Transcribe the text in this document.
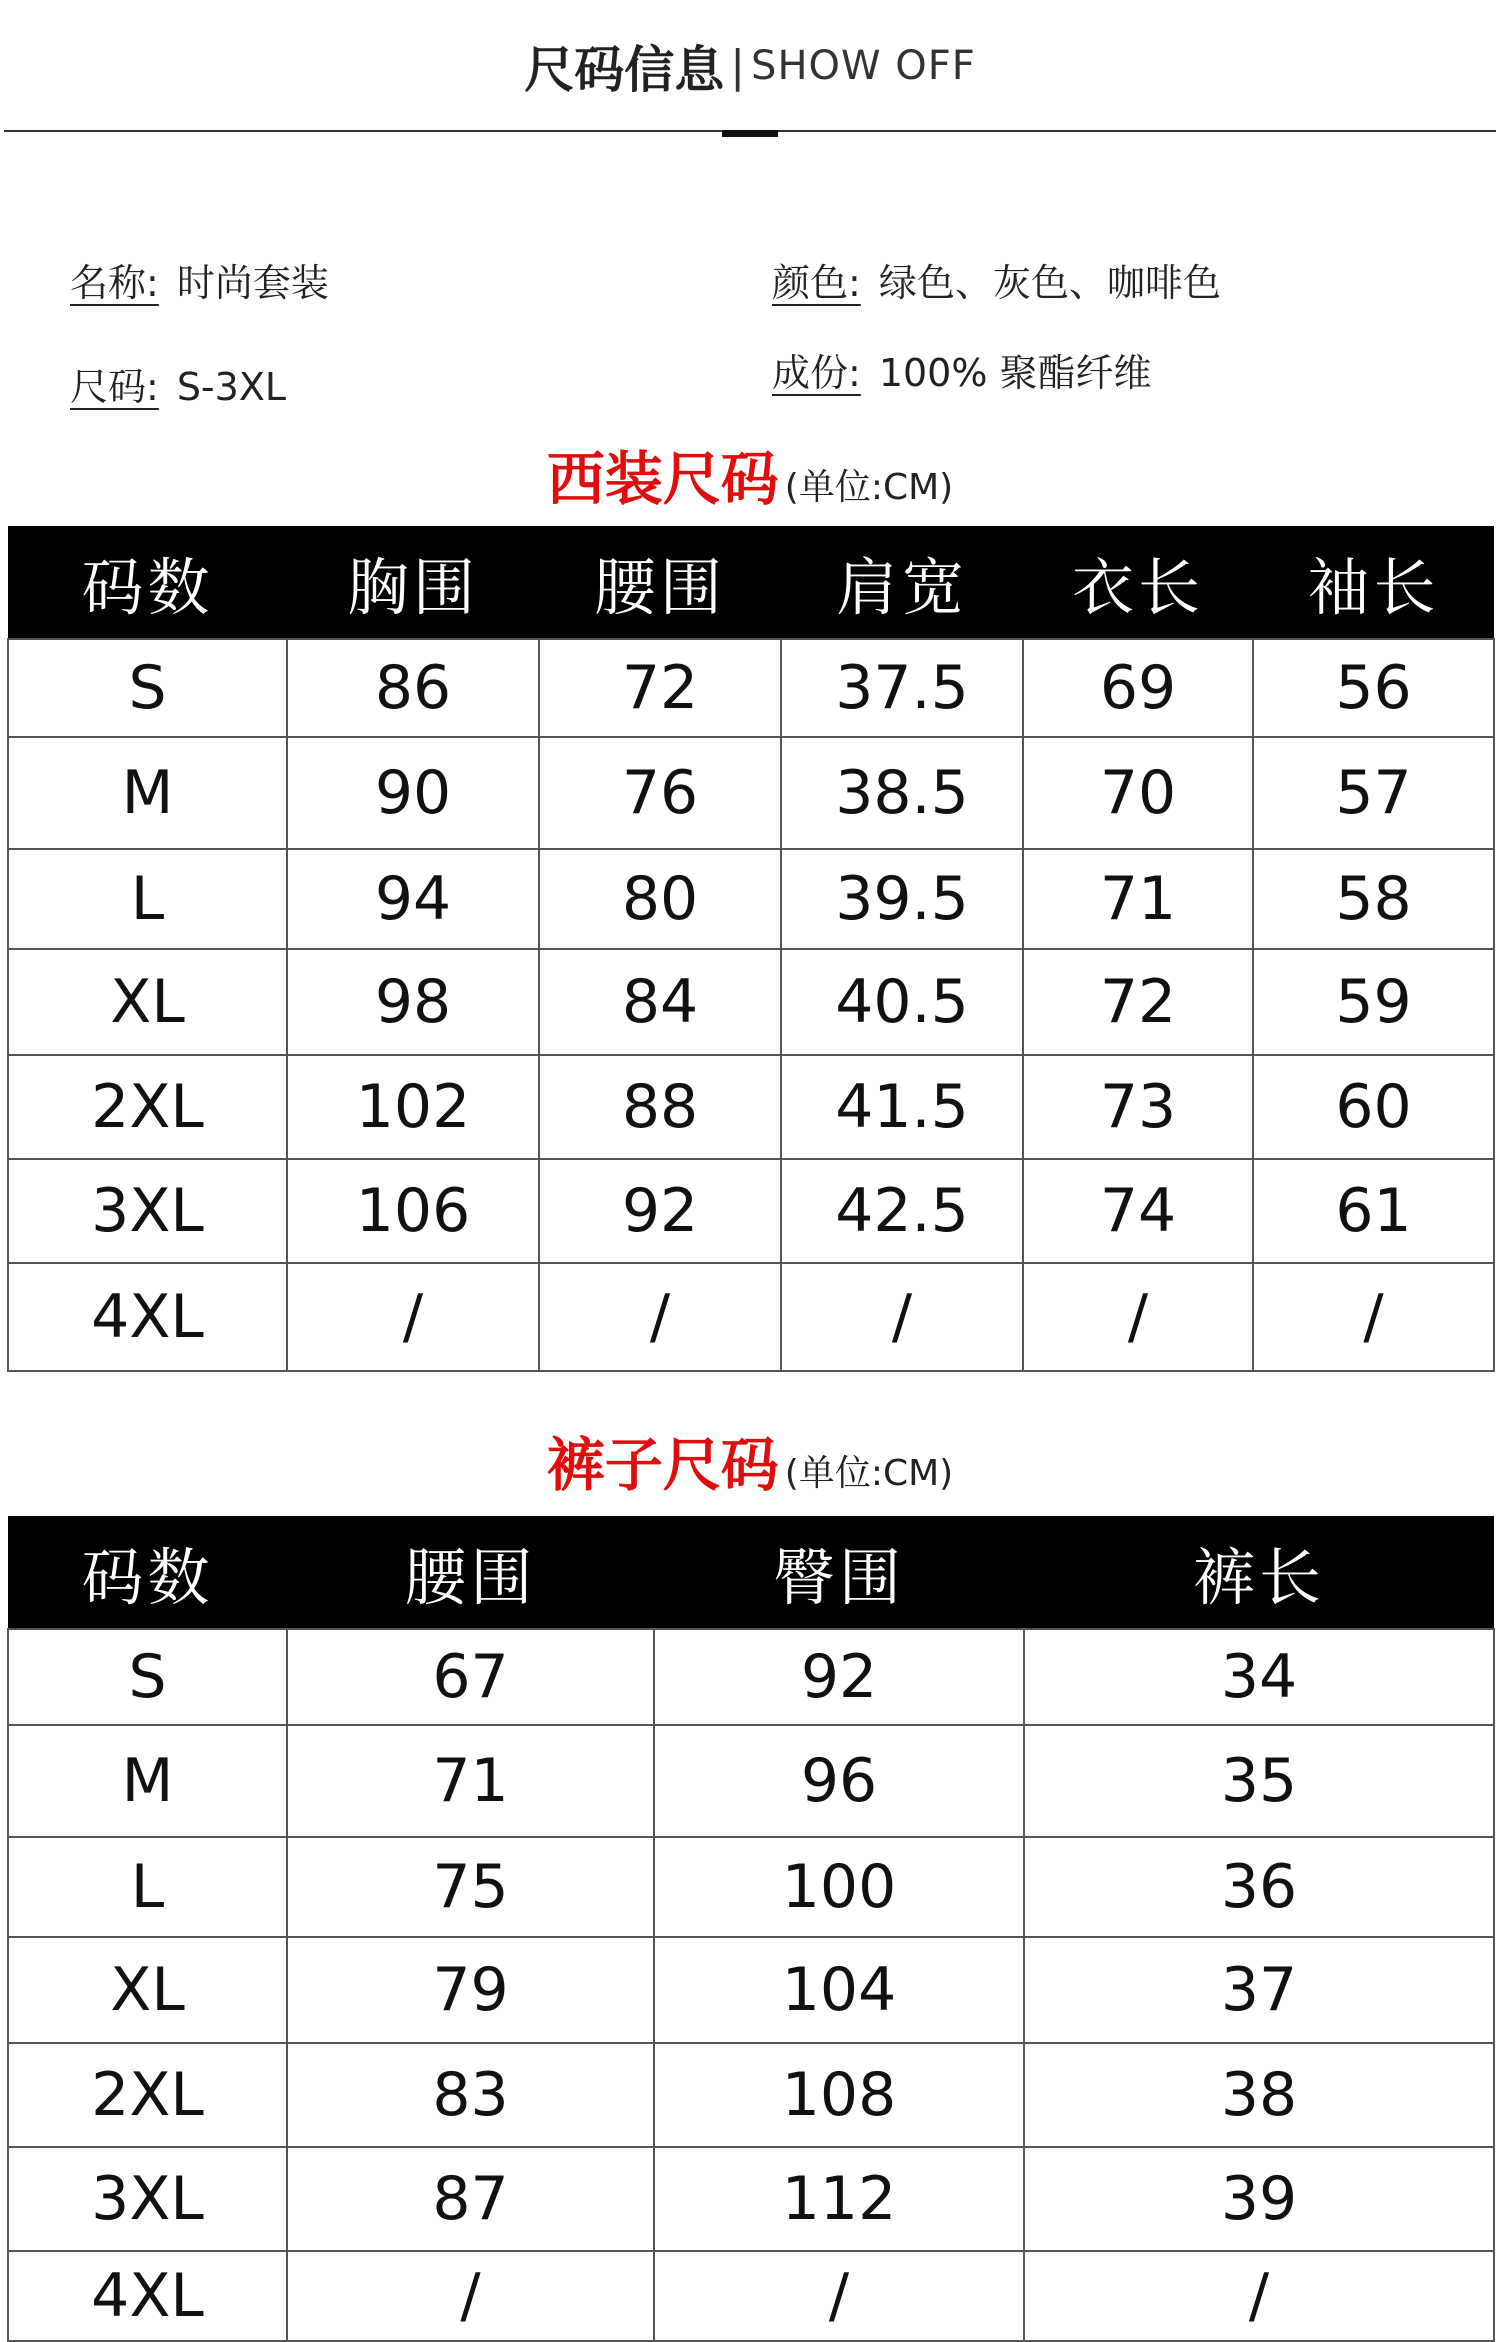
尺码信息 | SHOW OFF
名称: 时尚套装	颜色: 绿色、灰色、咖啡色
尺码: S-3XL	成份: 100% 聚酯纤维
西装尺码 (单位:CM)
码数	胸围	腰围	肩宽	衣长	袖长
S	86	72	37.5	69	56
M	90	76	38.5	70	57
L	94	80	39.5	71	58
XL	98	84	40.5	72	59
2XL	102	88	41.5	73	60
3XL	106	92	42.5	74	61
4XL	/	/	/	/	/
裤子尺码 (单位:CM)
码数	腰围	臀围	裤长
S	67	92	34
M	71	96	35
L	75	100	36
XL	79	104	37
2XL	83	108	38
3XL	87	112	39
4XL	/	/	/
